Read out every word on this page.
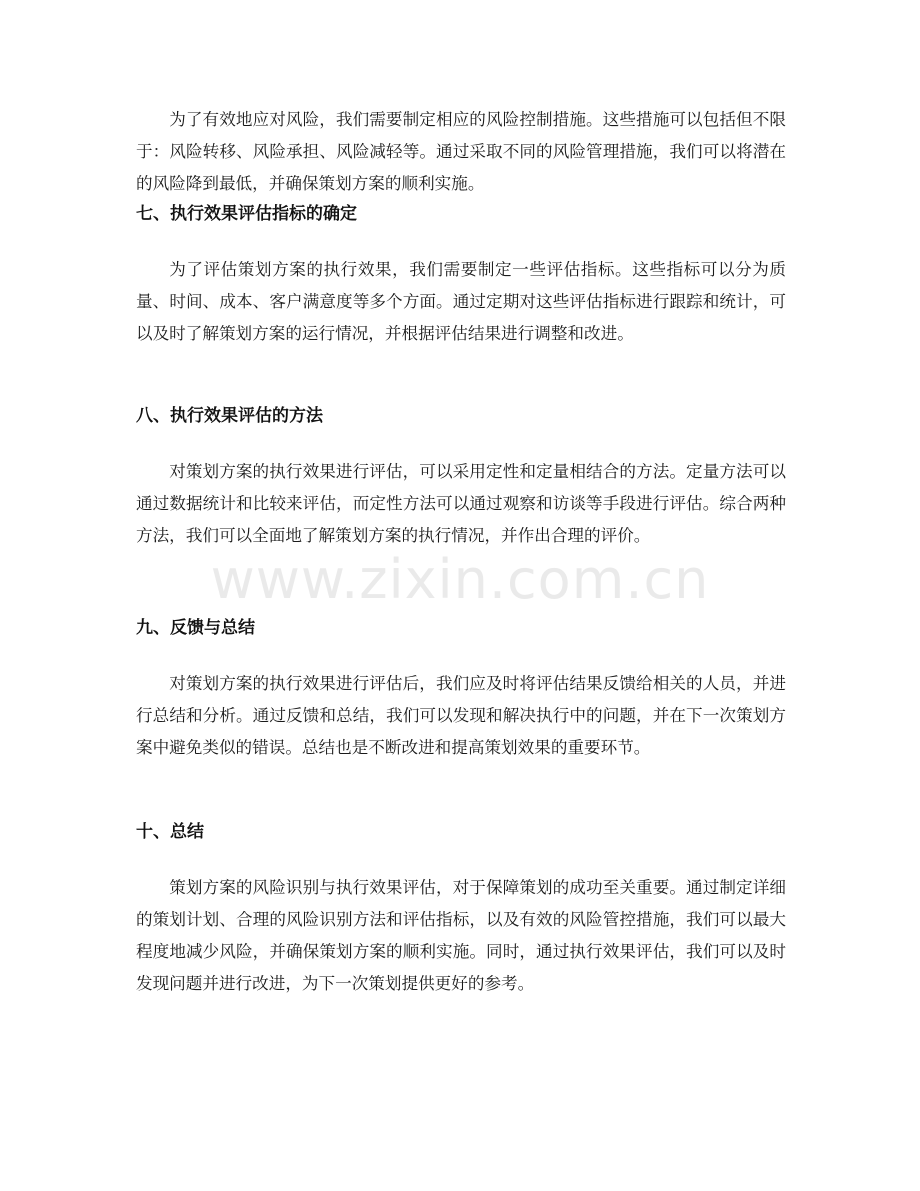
为了有效地应对风险，我们需要制定相应的风险控制措施。这些措施可以包括但不限于：风险转移、风险承担、风险减轻等。通过采取不同的风险管理措施，我们可以将潜在的风险降到最低，并确保策划方案的顺利实施。

七、执行效果评估指标的确定

为了评估策划方案的执行效果，我们需要制定一些评估指标。这些指标可以分为质量、时间、成本、客户满意度等多个方面。通过定期对这些评估指标进行跟踪和统计，可以及时了解策划方案的运行情况，并根据评估结果进行调整和改进。

八、执行效果评估的方法

对策划方案的执行效果进行评估，可以采用定性和定量相结合的方法。定量方法可以通过数据统计和比较来评估，而定性方法可以通过观察和访谈等手段进行评估。综合两种方法，我们可以全面地了解策划方案的执行情况，并作出合理的评价。

九、反馈与总结

对策划方案的执行效果进行评估后，我们应及时将评估结果反馈给相关的人员，并进行总结和分析。通过反馈和总结，我们可以发现和解决执行中的问题，并在下一次策划方案中避免类似的错误。总结也是不断改进和提高策划效果的重要环节。

十、总结

策划方案的风险识别与执行效果评估，对于保障策划的成功至关重要。通过制定详细的策划计划、合理的风险识别方法和评估指标，以及有效的风险管控措施，我们可以最大程度地减少风险，并确保策划方案的顺利实施。同时，通过执行效果评估，我们可以及时发现问题并进行改进，为下一次策划提供更好的参考。

www.zixin.com.cn
